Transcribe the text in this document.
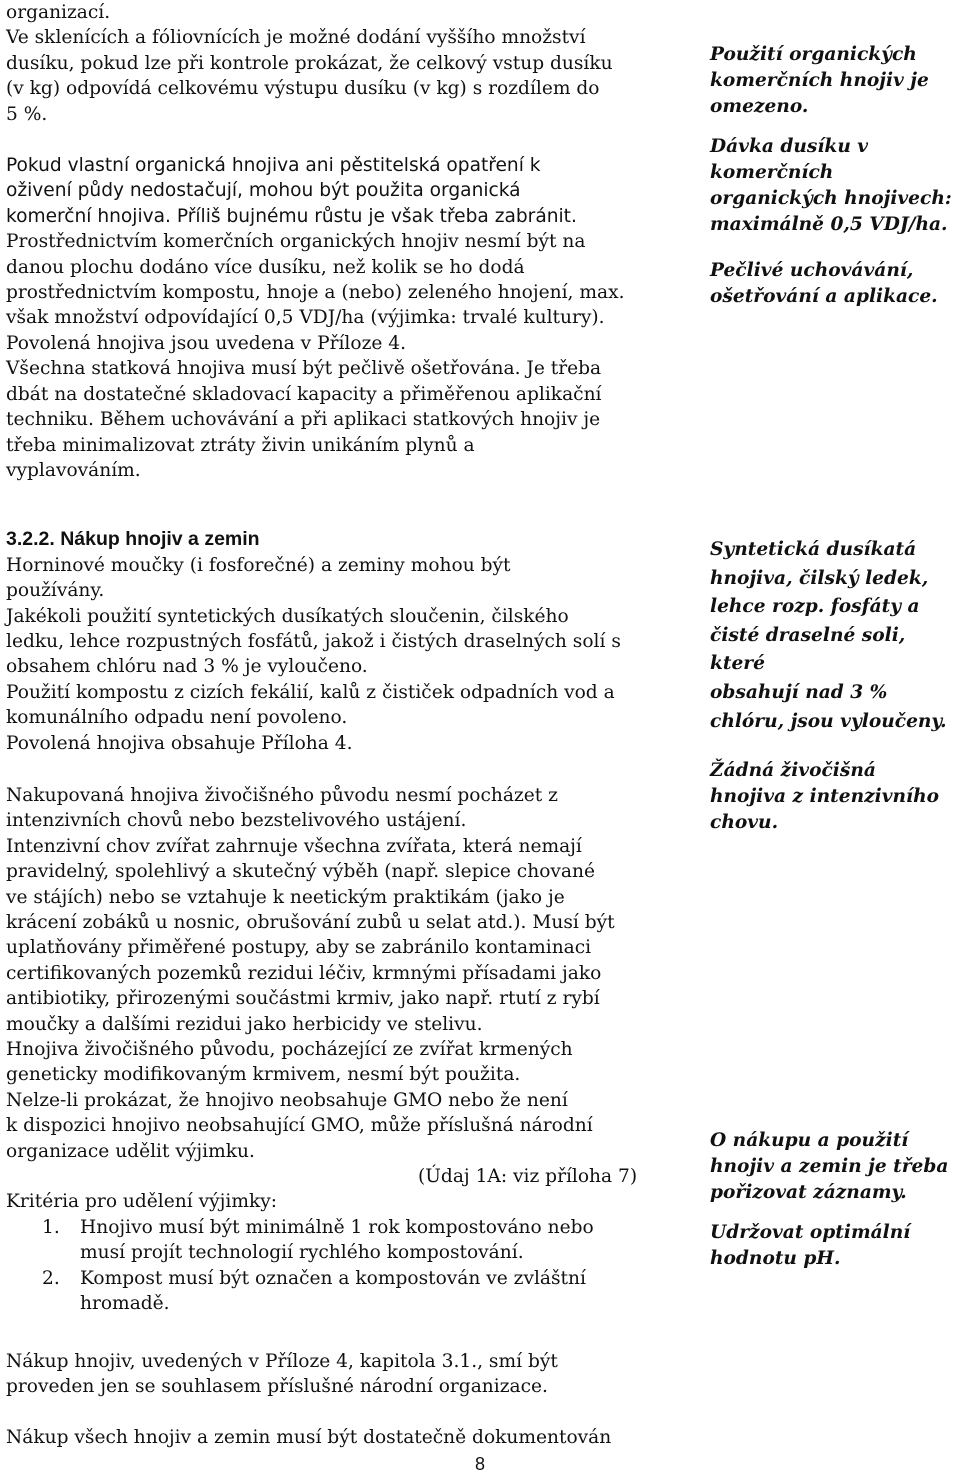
organizací.

Ve sklenících a fóliovnících je možné dodání vyššího množství

dusíku, pokud lze při kontrole prokázat, že celkový vstup dusíku

(v kg) odpovídá celkovému výstupu dusíku (v kg) s rozdílem do

5 %.

Pokud vlastní organická hnojiva ani pěstitelská opatření k

oživení půdy nedostačují, mohou být použita organická

komerční hnojiva. Příliš bujnému růstu je však třeba zabránit.

Prostřednictvím komerčních organických hnojiv nesmí být na

danou plochu dodáno více dusíku, než kolik se ho dodá

prostřednictvím kompostu, hnoje a (nebo) zeleného hnojení, max.

však množství odpovídající 0,5 VDJ/ha (výjimka: trvalé kultury).

Povolená hnojiva jsou uvedena v Příloze 4.

Všechna statková hnojiva musí být pečlivě ošetřována. Je třeba

dbát na dostatečné skladovací kapacity a přiměřenou aplikační

techniku. Během uchovávání a při aplikaci statkových hnojiv je

třeba minimalizovat ztráty živin unikáním plynů a

vyplavováním.

3.2.2. Nákup hnojiv a zemin

Horninové moučky (i fosforečné) a zeminy mohou být

používány.

Jakékoli použití syntetických dusíkatých sloučenin, čilského

ledku, lehce rozpustných fosfátů, jakož i čistých draselných solí s

obsahem chlóru nad 3 % je vyloučeno.

Použití kompostu z cizích fekálií, kalů z čističek odpadních vod a

komunálního odpadu není povoleno.

Povolená hnojiva obsahuje Příloha 4.

Nakupovaná hnojiva živočišného původu nesmí pocházet z

intenzivních chovů nebo bezstelivového ustájení.

Intenzivní chov zvířat zahrnuje všechna zvířata, která nemají

pravidelný, spolehlivý a skutečný výběh (např. slepice chované

ve stájích) nebo se vztahuje k neetickým praktikám (jako je

krácení zobáků u nosnic, obrušování zubů u selat atd.). Musí být

uplatňovány přiměřené postupy, aby se zabránilo kontaminaci

certifikovaných pozemků rezidui léčiv, krmnými přísadami jako

antibiotiky, přirozenými součástmi krmiv, jako např. rtutí z rybí

moučky a dalšími rezidui jako herbicidy ve stelivu.

Hnojiva živočišného původu, pocházející ze zvířat krmených

geneticky modifikovaným krmivem, nesmí být použita.

Nelze-li prokázat, že hnojivo neobsahuje GMO nebo že není

k dispozici hnojivo neobsahující GMO, může příslušná národní

organizace udělit výjimku.

(Údaj 1A: viz příloha 7)

Kritéria pro udělení výjimky:

1. Hnojivo musí být minimálně 1 rok kompostováno nebo

musí projít technologií rychlého kompostování.

2. Kompost musí být označen a kompostován ve zvláštní

hromadě.

Nákup hnojiv, uvedených v Příloze 4, kapitola 3.1., smí být

proveden jen se souhlasem příslušné národní organizace.

Nákup všech hnojiv a zemin musí být dostatečně dokumentován

Použití organických

komerčních hnojiv je

omezeno.

Dávka dusíku v

komerčních

organických hnojivech:

maximálně 0,5 VDJ/ha.

Pečlivé uchovávání,

ošetřování a aplikace.

Syntetická dusíkatá

hnojiva, čilský ledek,

lehce rozp. fosfáty a

čisté draselné soli, které

obsahují nad 3 %

chlóru, jsou vyloučeny.

Žádná živočišná

hnojiva z intenzivního

chovu.

O nákupu a použití

hnojiv a zemin je třeba

pořizovat záznamy.

Udržovat optimální

hodnotu pH.

8
